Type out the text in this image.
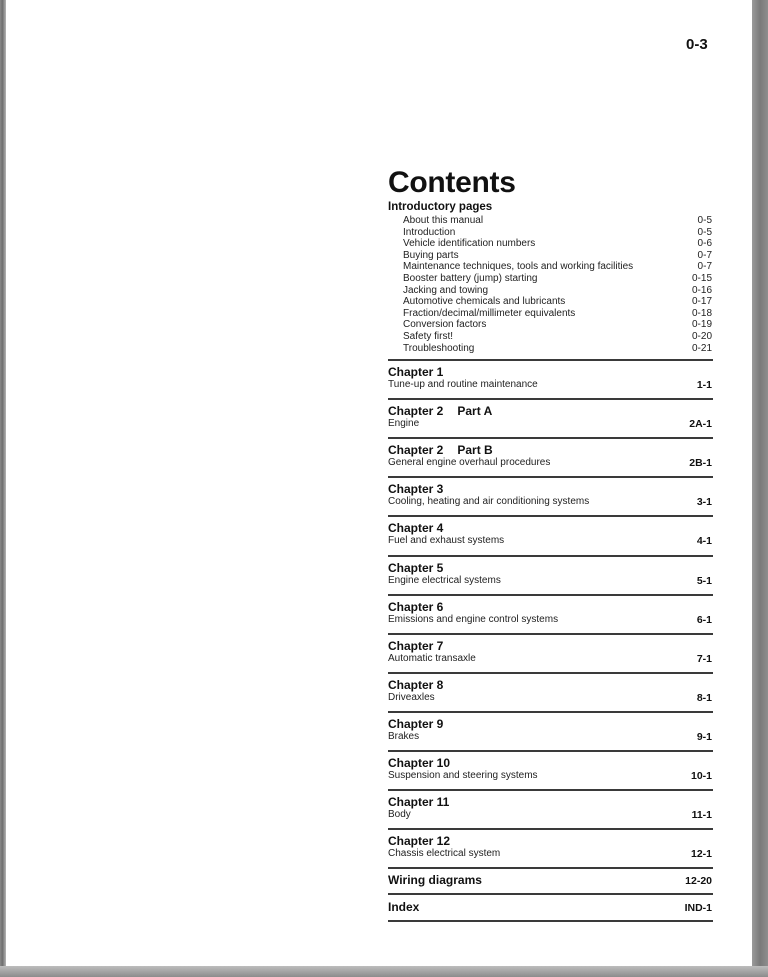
0-3
Contents
Introductory pages
About this manual	0-5
Introduction	0-5
Vehicle identification numbers	0-6
Buying parts	0-7
Maintenance techniques, tools and working facilities	0-7
Booster battery (jump) starting	0-15
Jacking and towing	0-16
Automotive chemicals and lubricants	0-17
Fraction/decimal/millimeter equivalents	0-18
Conversion factors	0-19
Safety first!	0-20
Troubleshooting	0-21
Chapter 1
Tune-up and routine maintenance	1-1
Chapter 2 Part A
Engine	2A-1
Chapter 2 Part B
General engine overhaul procedures	2B-1
Chapter 3
Cooling, heating and air conditioning systems	3-1
Chapter 4
Fuel and exhaust systems	4-1
Chapter 5
Engine electrical systems	5-1
Chapter 6
Emissions and engine control systems	6-1
Chapter 7
Automatic transaxle	7-1
Chapter 8
Driveaxles	8-1
Chapter 9
Brakes	9-1
Chapter 10
Suspension and steering systems	10-1
Chapter 11
Body	11-1
Chapter 12
Chassis electrical system	12-1
Wiring diagrams	12-20
Index	IND-1
